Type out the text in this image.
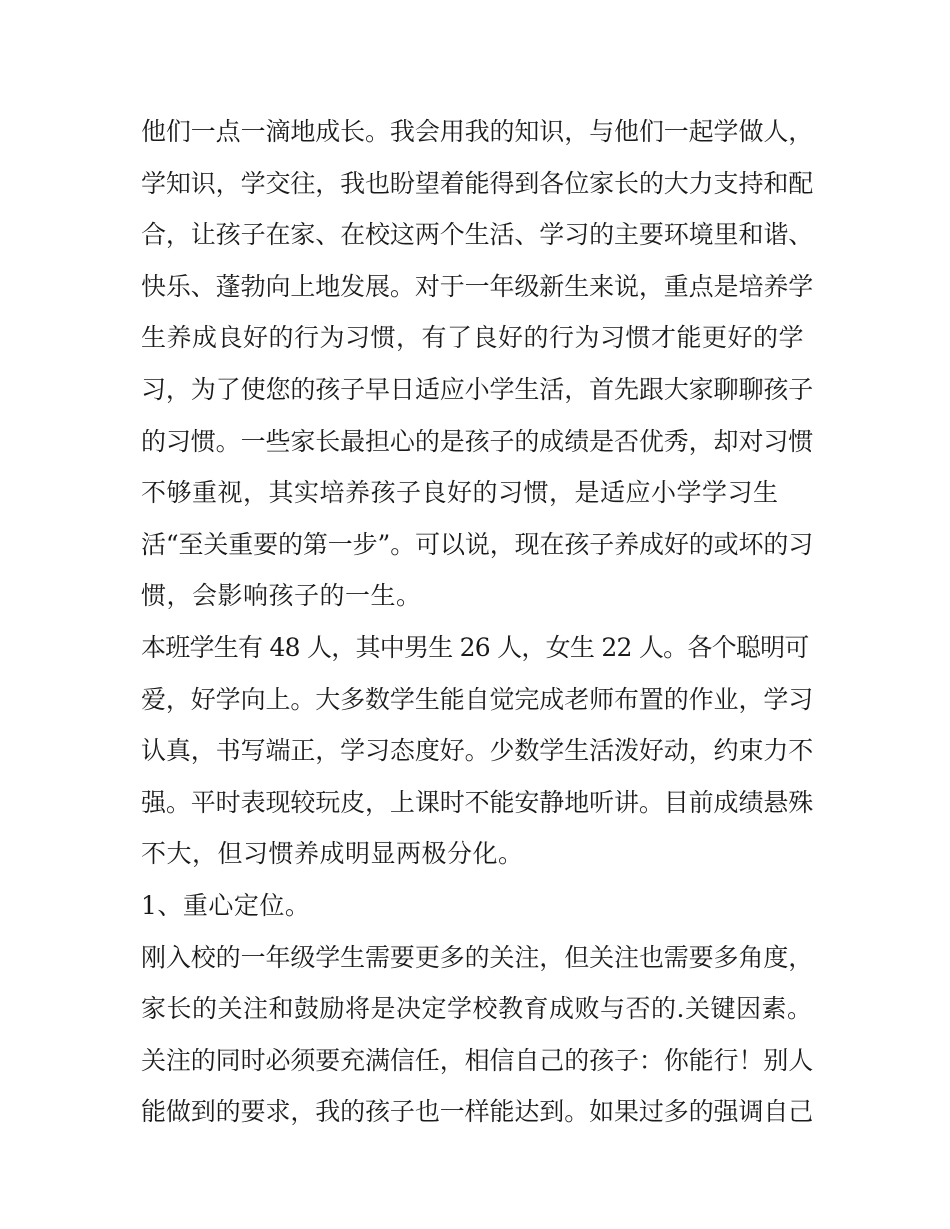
他们一点一滴地成长。我会用我的知识，与他们一起学做人，
学知识，学交往，我也盼望着能得到各位家长的大力支持和配
合，让孩子在家、在校这两个生活、学习的主要环境里和谐、
快乐、蓬勃向上地发展。对于一年级新生来说，重点是培养学
生养成良好的行为习惯，有了良好的行为习惯才能更好的学
习，为了使您的孩子早日适应小学生活，首先跟大家聊聊孩子
的习惯。一些家长最担心的是孩子的成绩是否优秀，却对习惯
不够重视，其实培养孩子良好的习惯，是适应小学学习生
活“至关重要的第一步”。可以说，现在孩子养成好的或坏的习
惯，会影响孩子的一生。
本班学生有 48 人，其中男生 26 人，女生 22 人。各个聪明可
爱，好学向上。大多数学生能自觉完成老师布置的作业，学习
认真，书写端正，学习态度好。少数学生活泼好动，约束力不
强。平时表现较玩皮，上课时不能安静地听讲。目前成绩悬殊
不大，但习惯养成明显两极分化。
1、重心定位。
刚入校的一年级学生需要更多的关注，但关注也需要多角度，
家长的关注和鼓励将是决定学校教育成败与否的.关键因素。
关注的同时必须要充满信任，相信自己的孩子：你能行！别人
能做到的要求，我的孩子也一样能达到。如果过多的强调自己
